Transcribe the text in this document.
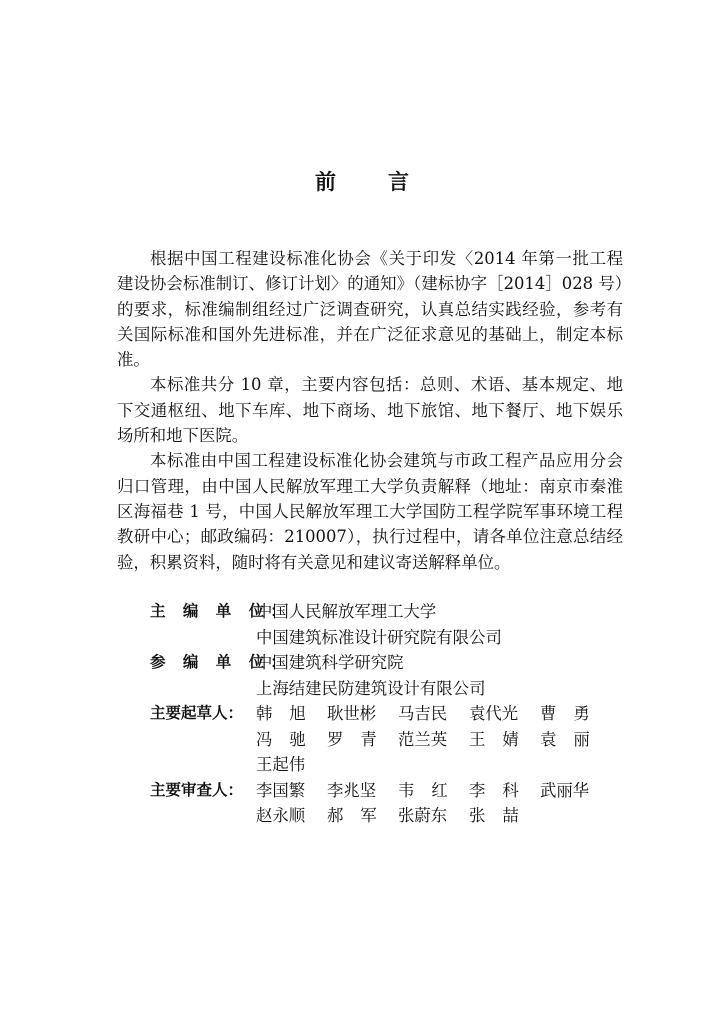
前 言

根据中国工程建设标准化协会《关于印发〈2014 年第一批工程建设协会标准制订、修订计划〉的通知》（建标协字［2014］028 号）的要求，标准编制组经过广泛调查研究，认真总结实践经验，参考有关国际标准和国外先进标准，并在广泛征求意见的基础上，制定本标准。

本标准共分 10 章，主要内容包括：总则、术语、基本规定、地下交通枢纽、地下车库、地下商场、地下旅馆、地下餐厅、地下娱乐场所和地下医院。

本标准由中国工程建设标准化协会建筑与市政工程产品应用分会归口管理，由中国人民解放军理工大学负责解释（地址：南京市秦淮区海福巷 1 号，中国人民解放军理工大学国防工程学院军事环境工程教研中心；邮政编码：210007），执行过程中，请各单位注意总结经验，积累资料，随时将有关意见和建议寄送解释单位。

主 编 单 位：
中国人民解放军理工大学
中国建筑标准设计研究院有限公司
参 编 单 位：
中国建筑科学研究院
上海结建民防建筑设计有限公司
主要起草人： 韩旭 耿世彬	马吉民	袁代光	曹勇
冯驰 罗青 范兰英	王婧 袁丽
王起伟
主要审查人： 李国繁	李兆坚	韦红 李科 武丽华
赵永顺	郝军 张蔚东	张喆
